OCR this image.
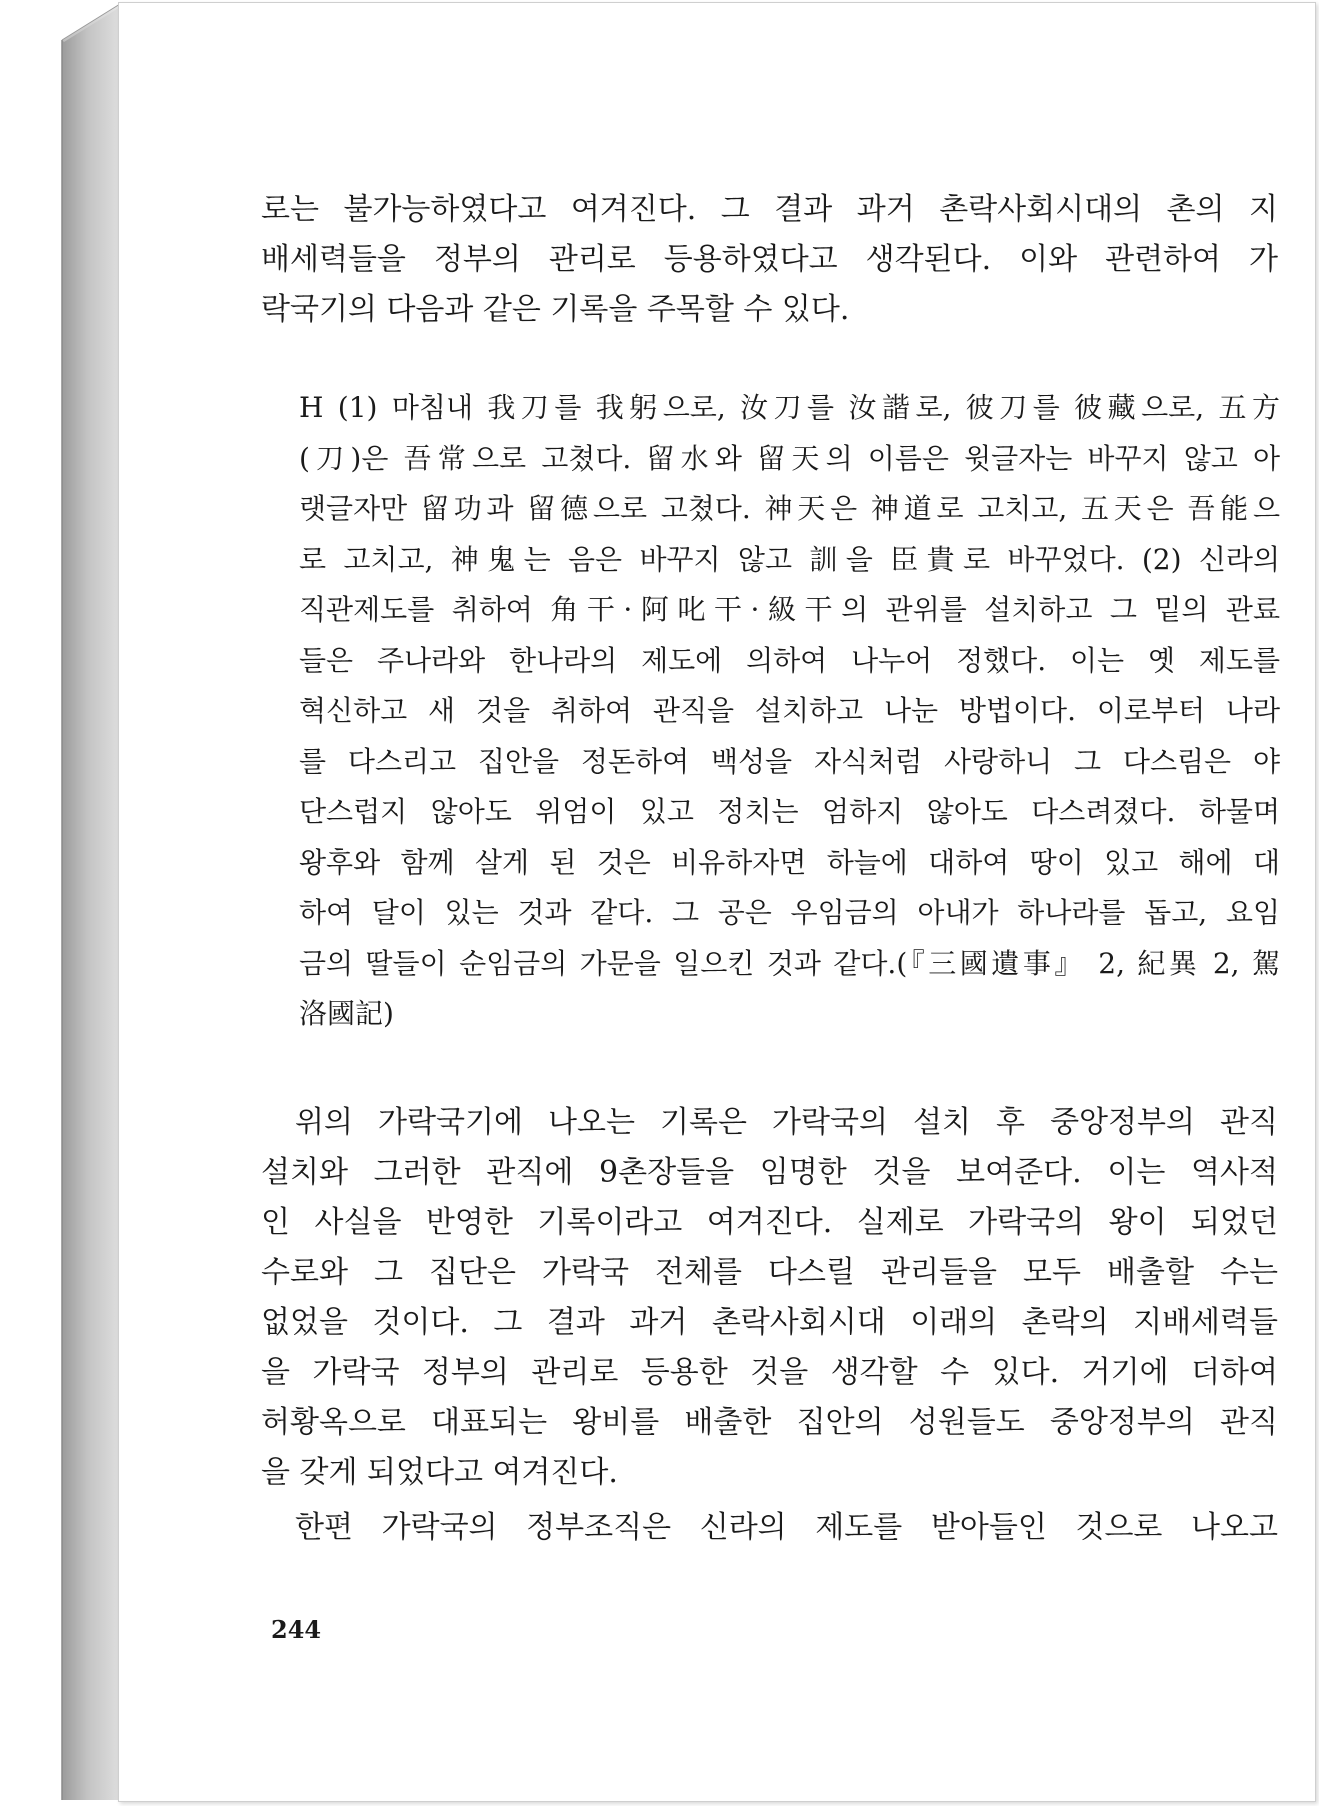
로는 불가능하였다고 여겨진다. 그 결과 과거 촌락사회시대의 촌의 지
배세력들을 정부의 관리로 등용하였다고 생각된다. 이와 관련하여 가
락국기의 다음과 같은 기록을 주목할 수 있다.
H (1) 마침내 我刀를 我躬으로, 汝刀를 汝諧로, 彼刀를 彼藏으로, 五方
(刀)은 吾常으로 고쳤다. 留水와 留天의 이름은 윗글자는 바꾸지 않고 아
랫글자만 留功과 留德으로 고쳤다. 神天은 神道로 고치고, 五天은 吾能으
로 고치고, 神鬼는 음은 바꾸지 않고 訓을 臣貴로 바꾸었다. (2) 신라의
직관제도를 취하여 角干·阿叱干·級干의 관위를 설치하고 그 밑의 관료
들은 주나라와 한나라의 제도에 의하여 나누어 정했다. 이는 옛 제도를
혁신하고 새 것을 취하여 관직을 설치하고 나눈 방법이다. 이로부터 나라
를 다스리고 집안을 정돈하여 백성을 자식처럼 사랑하니 그 다스림은 야
단스럽지 않아도 위엄이 있고 정치는 엄하지 않아도 다스려졌다. 하물며
왕후와 함께 살게 된 것은 비유하자면 하늘에 대하여 땅이 있고 해에 대
하여 달이 있는 것과 같다. 그 공은 우임금의 아내가 하나라를 돕고, 요임
금의 딸들이 순임금의 가문을 일으킨 것과 같다.(『三國遺事』 2, 紀異 2, 駕
洛國記)
위의 가락국기에 나오는 기록은 가락국의 설치 후 중앙정부의 관직
설치와 그러한 관직에 9촌장들을 임명한 것을 보여준다. 이는 역사적
인 사실을 반영한 기록이라고 여겨진다. 실제로 가락국의 왕이 되었던
수로와 그 집단은 가락국 전체를 다스릴 관리들을 모두 배출할 수는
없었을 것이다. 그 결과 과거 촌락사회시대 이래의 촌락의 지배세력들
을 가락국 정부의 관리로 등용한 것을 생각할 수 있다. 거기에 더하여
허황옥으로 대표되는 왕비를 배출한 집안의 성원들도 중앙정부의 관직
을 갖게 되었다고 여겨진다.
한편 가락국의 정부조직은 신라의 제도를 받아들인 것으로 나오고
244
